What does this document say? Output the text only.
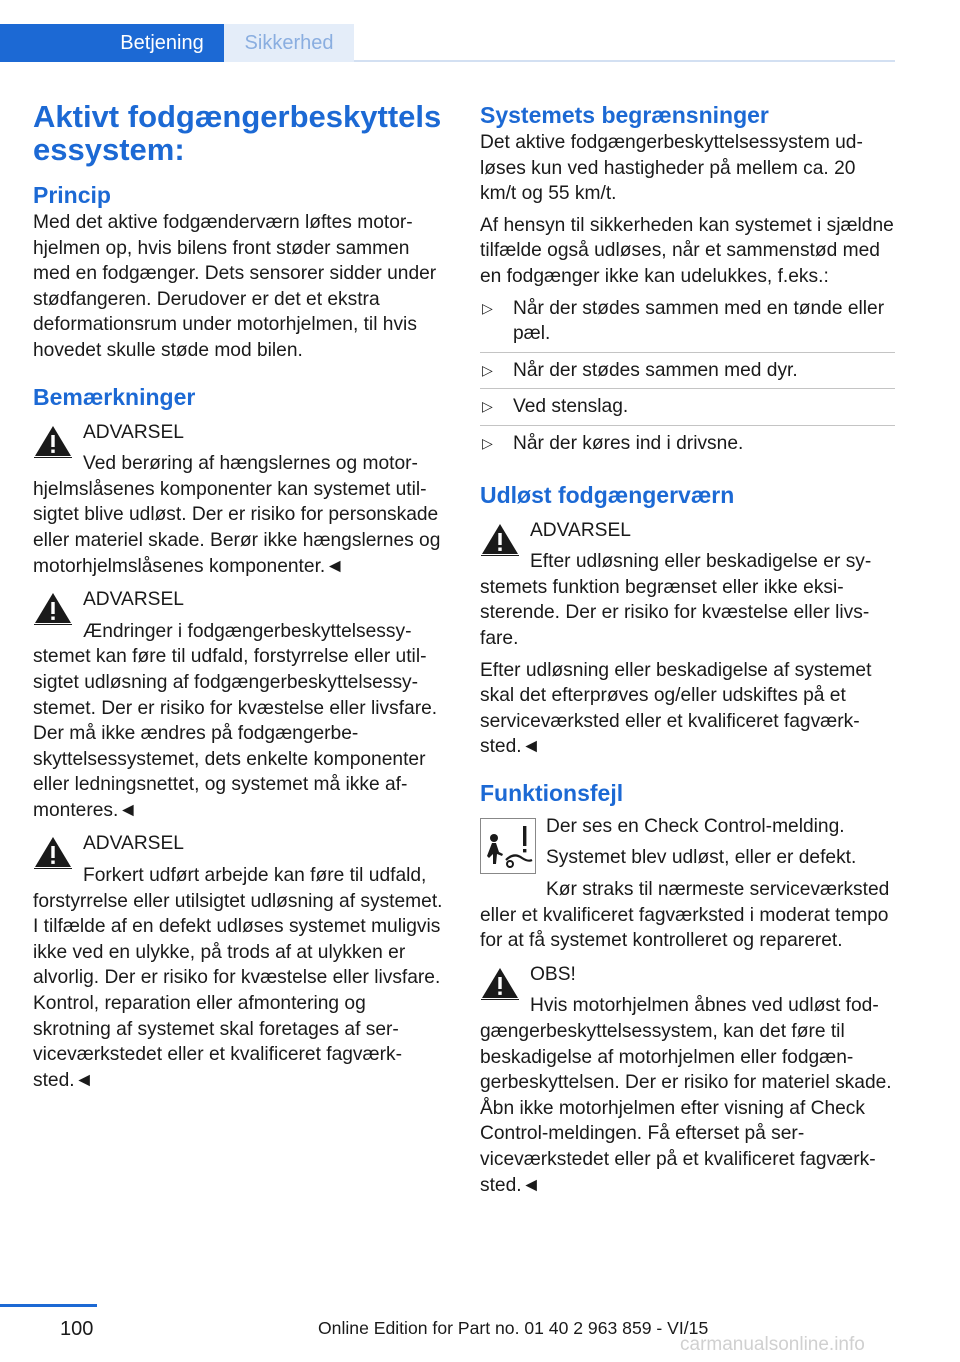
Betjening	Sikkerhed
Aktivt fodgængerbeskyttelsessystem:
Princip

Med det aktive fodgænderværn løftes motorhjelmen op, hvis bilens front støder sammen med en fodgænger. Dets sensorer sidder under stødfangeren. Derudover er det et ekstra deformationsrum under motorhjelmen, til hvis hovedet skulle støde mod bilen.

Bemærkninger
ADVARSEL

Ved berøring af hængslernes og motorhjelmslåsenes komponenter kan systemet utilsigtet blive udløst. Der er risiko for personskade eller materiel skade. Berør ikke hængslernes og motorhjelmslåsenes komponenter.◄

ADVARSEL

Ændringer i fodgængerbeskyttelsessystemet kan føre til udfald, forstyrrelse eller utilsigtet udløsning af fodgængerbeskyttelsessystemet. Der er risiko for kvæstelse eller livsfare. Der må ikke ændres på fodgængerbeskyttelsessystemet, dets enkelte komponenter eller ledningsnettet, og systemet må ikke afmonteres.◄

ADVARSEL

Forkert udført arbejde kan føre til udfald, forstyrrelse eller utilsigtet udløsning af systemet. I tilfælde af en defekt udløses systemet muligvis ikke ved en ulykke, på trods af at ulykken er alvorlig. Der er risiko for kvæstelse eller livsfare. Kontrol, reparation eller afmontering og skrotning af systemet skal foretages af serviceværkstedet eller et kvalificeret fagværksted.◄

Systemets begrænsninger

Det aktive fodgængerbeskyttelsessystem udløses kun ved hastigheder på mellem ca. 20 km/t og 55 km/t.

Af hensyn til sikkerheden kan systemet i sjældne tilfælde også udløses, når et sammenstød med en fodgænger ikke kan udelukkes, f.eks.:

▷ Når der stødes sammen med en tønde eller pæl.
▷ Når der stødes sammen med dyr.
▷ Ved stenslag.
▷ Når der køres ind i drivsne.
Udløst fodgængerværn
ADVARSEL

Efter udløsning eller beskadigelse er systemets funktion begrænset eller ikke eksisterende. Der er risiko for kvæstelse eller livsfare.

Efter udløsning eller beskadigelse af systemet skal det efterprøves og/eller udskiftes på et serviceværksted eller et kvalificeret fagværksted.◄

Funktionsfejl

Der ses en Check Control-melding.

Systemet blev udløst, eller er defekt.

Kør straks til nærmeste serviceværksted eller et kvalificeret fagværksted i moderat tempo for at få systemet kontrolleret og repareret.

OBS!

Hvis motorhjelmen åbnes ved udløst fodgængerbeskyttelsessystem, kan det føre til beskadigelse af motorhjelmen eller fodgængerbeskyttelsen. Der er risiko for materiel skade. Åbn ikke motorhjelmen efter visning af Check Control-meldingen. Få efterset på serviceværkstedet eller på et kvalificeret fagværksted.◄

100	Online Edition for Part no. 01 40 2 963 859 - VI/15
carmanualsonline.info
